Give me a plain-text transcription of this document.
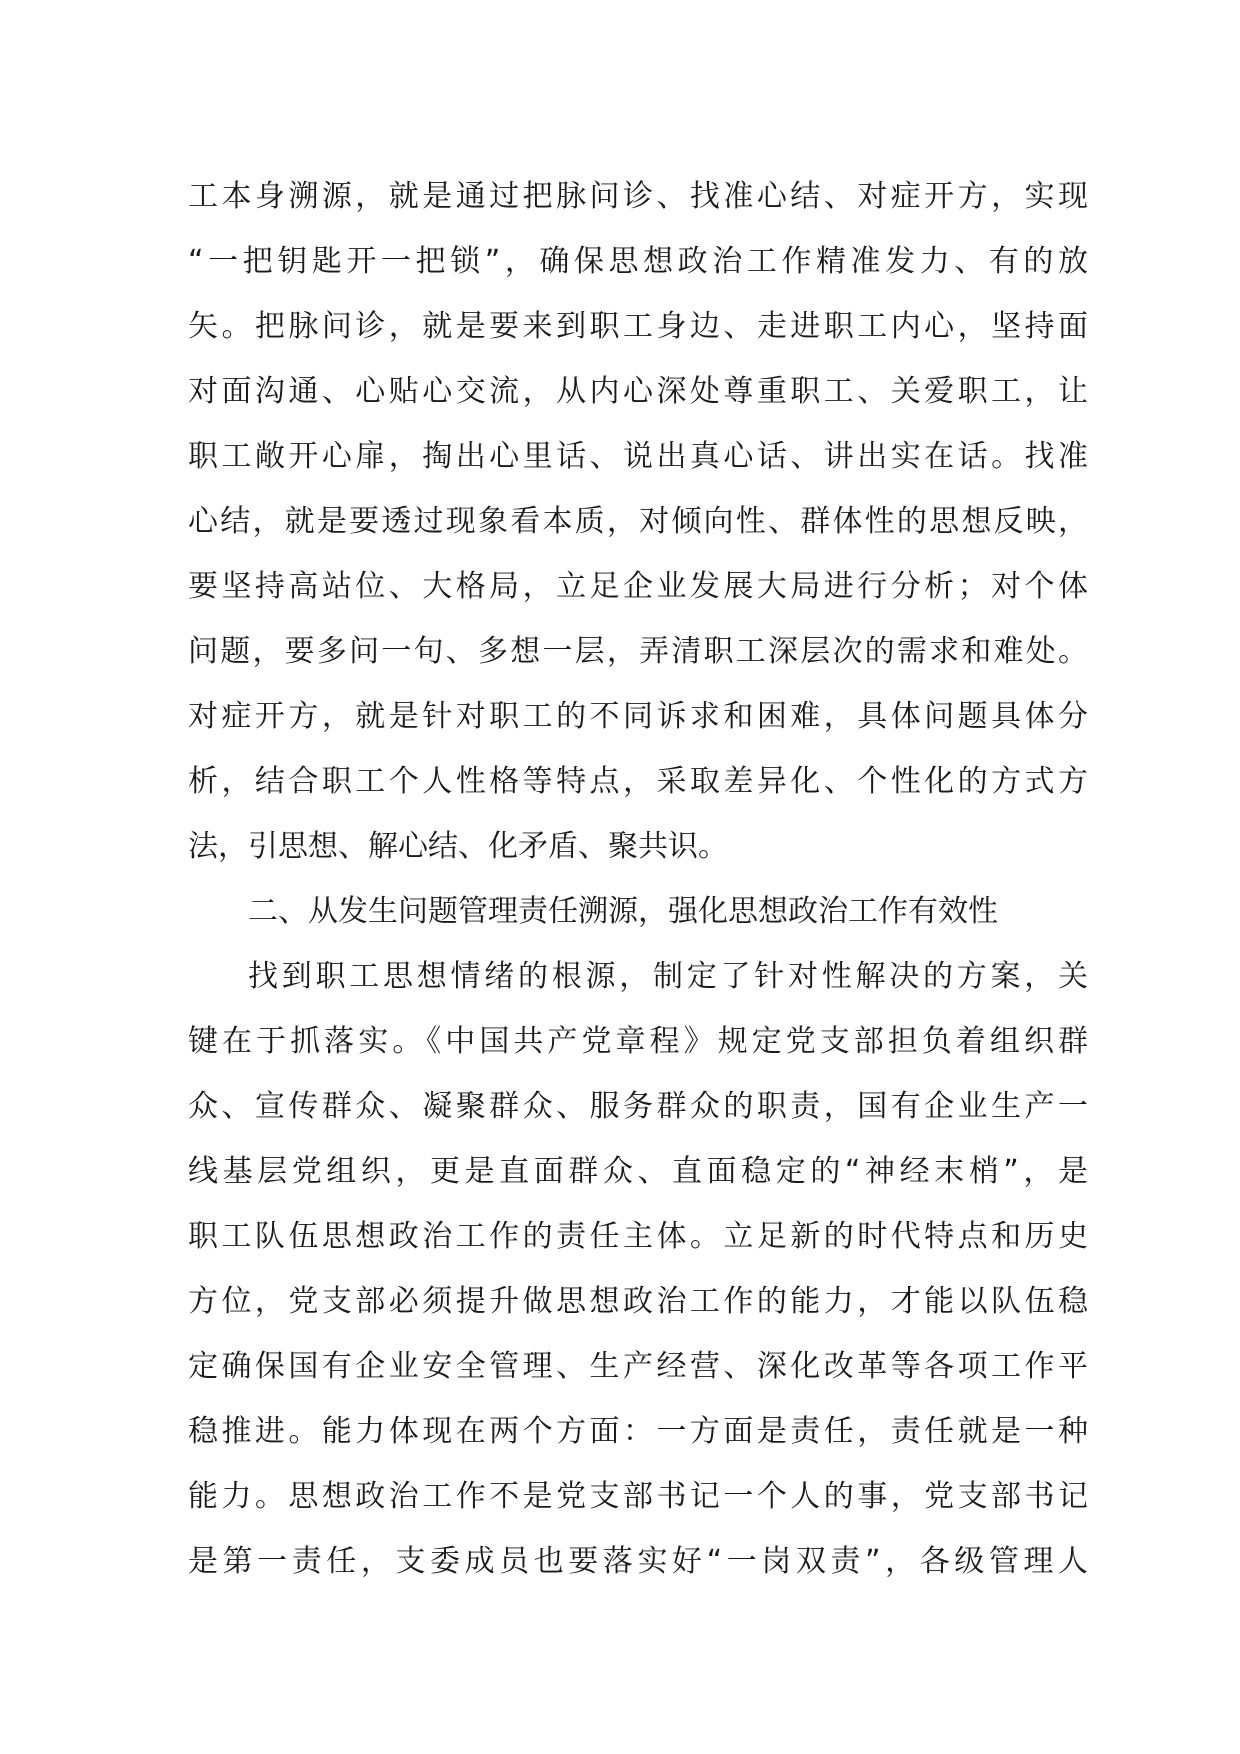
工本身溯源，就是通过把脉问诊、找准心结、对症开方，实现
“一把钥匙开一把锁”，确保思想政治工作精准发力、有的放
矢。把脉问诊，就是要来到职工身边、走进职工内心，坚持面
对面沟通、心贴心交流，从内心深处尊重职工、关爱职工，让
职工敞开心扉，掏出心里话、说出真心话、讲出实在话。找准
心结，就是要透过现象看本质，对倾向性、群体性的思想反映，
要坚持高站位、大格局，立足企业发展大局进行分析；对个体
问题，要多问一句、多想一层，弄清职工深层次的需求和难处。
对症开方，就是针对职工的不同诉求和困难，具体问题具体分
析，结合职工个人性格等特点，采取差异化、个性化的方式方
法，引思想、解心结、化矛盾、聚共识。
二、从发生问题管理责任溯源，强化思想政治工作有效性
找到职工思想情绪的根源，制定了针对性解决的方案，关
键在于抓落实。《中国共产党章程》规定党支部担负着组织群
众、宣传群众、凝聚群众、服务群众的职责，国有企业生产一
线基层党组织，更是直面群众、直面稳定的“神经末梢”，是
职工队伍思想政治工作的责任主体。立足新的时代特点和历史
方位，党支部必须提升做思想政治工作的能力，才能以队伍稳
定确保国有企业安全管理、生产经营、深化改革等各项工作平
稳推进。能力体现在两个方面：一方面是责任，责任就是一种
能力。思想政治工作不是党支部书记一个人的事，党支部书记
是第一责任，支委成员也要落实好“一岗双责”，各级管理人
